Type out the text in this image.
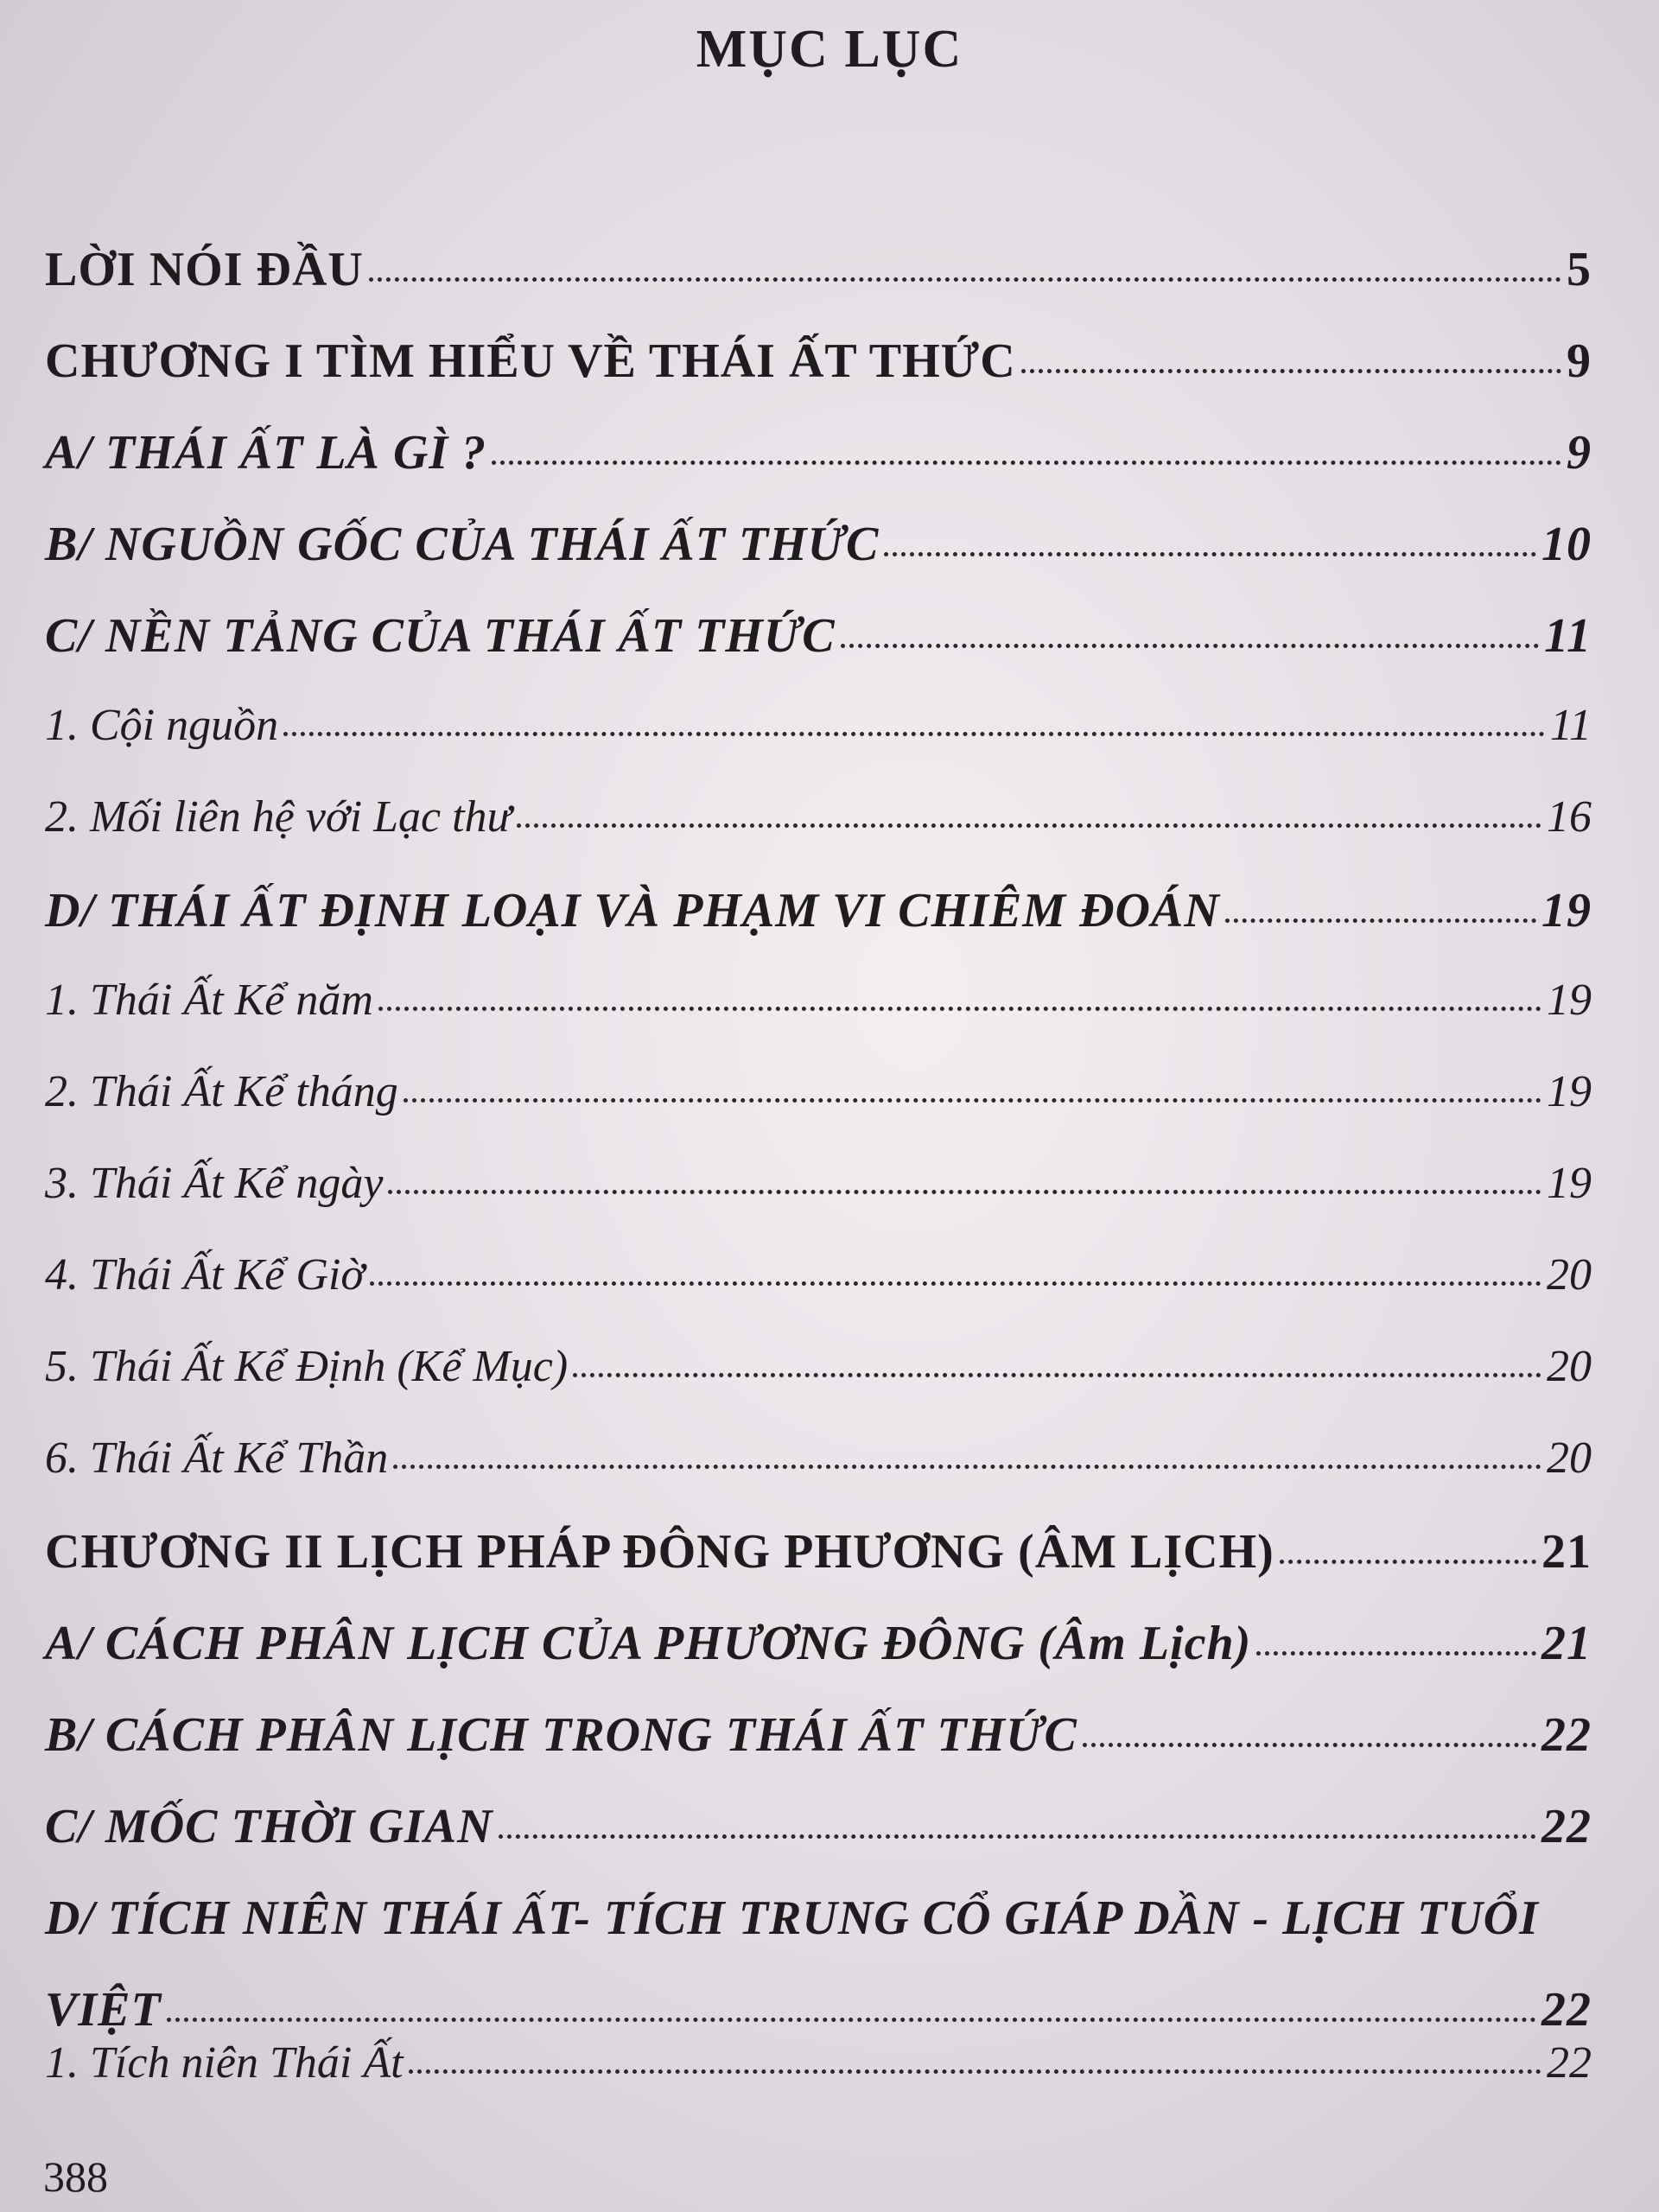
MỤC LỤC
LỜI NÓI ĐẦU	5
CHƯƠNG I TÌM HIỂU VỀ THÁI ẤT THỨC	9
A/ THÁI ẤT LÀ GÌ ?	9
B/ NGUỒN GỐC CỦA THÁI ẤT THỨC	10
C/ NỀN TẢNG CỦA THÁI ẤT THỨC	11
1. Cội nguồn	11
2. Mối liên hệ với Lạc thư	16
D/ THÁI ẤT ĐỊNH LOẠI VÀ PHẠM VI CHIÊM ĐOÁN	19
1. Thái Ất Kể năm	19
2. Thái Ất Kể tháng	19
3. Thái Ất Kể ngày	19
4. Thái Ất Kể Giờ	20
5. Thái Ất Kể Định (Kể Mục)	20
6. Thái Ất Kể Thần	20
CHƯƠNG II LỊCH PHÁP ĐÔNG PHƯƠNG (ÂM LỊCH)	21
A/ CÁCH PHÂN LỊCH CỦA PHƯƠNG ĐÔNG (Âm Lịch)	21
B/ CÁCH PHÂN LỊCH TRONG THÁI ẤT THỨC	22
C/ MỐC THỜI GIAN	22
D/ TÍCH NIÊN THÁI ẤT- TÍCH TRUNG CỔ GIÁP DẦN - LỊCH TUỔI
VIỆT	22
1. Tích niên Thái Ất	22
388
